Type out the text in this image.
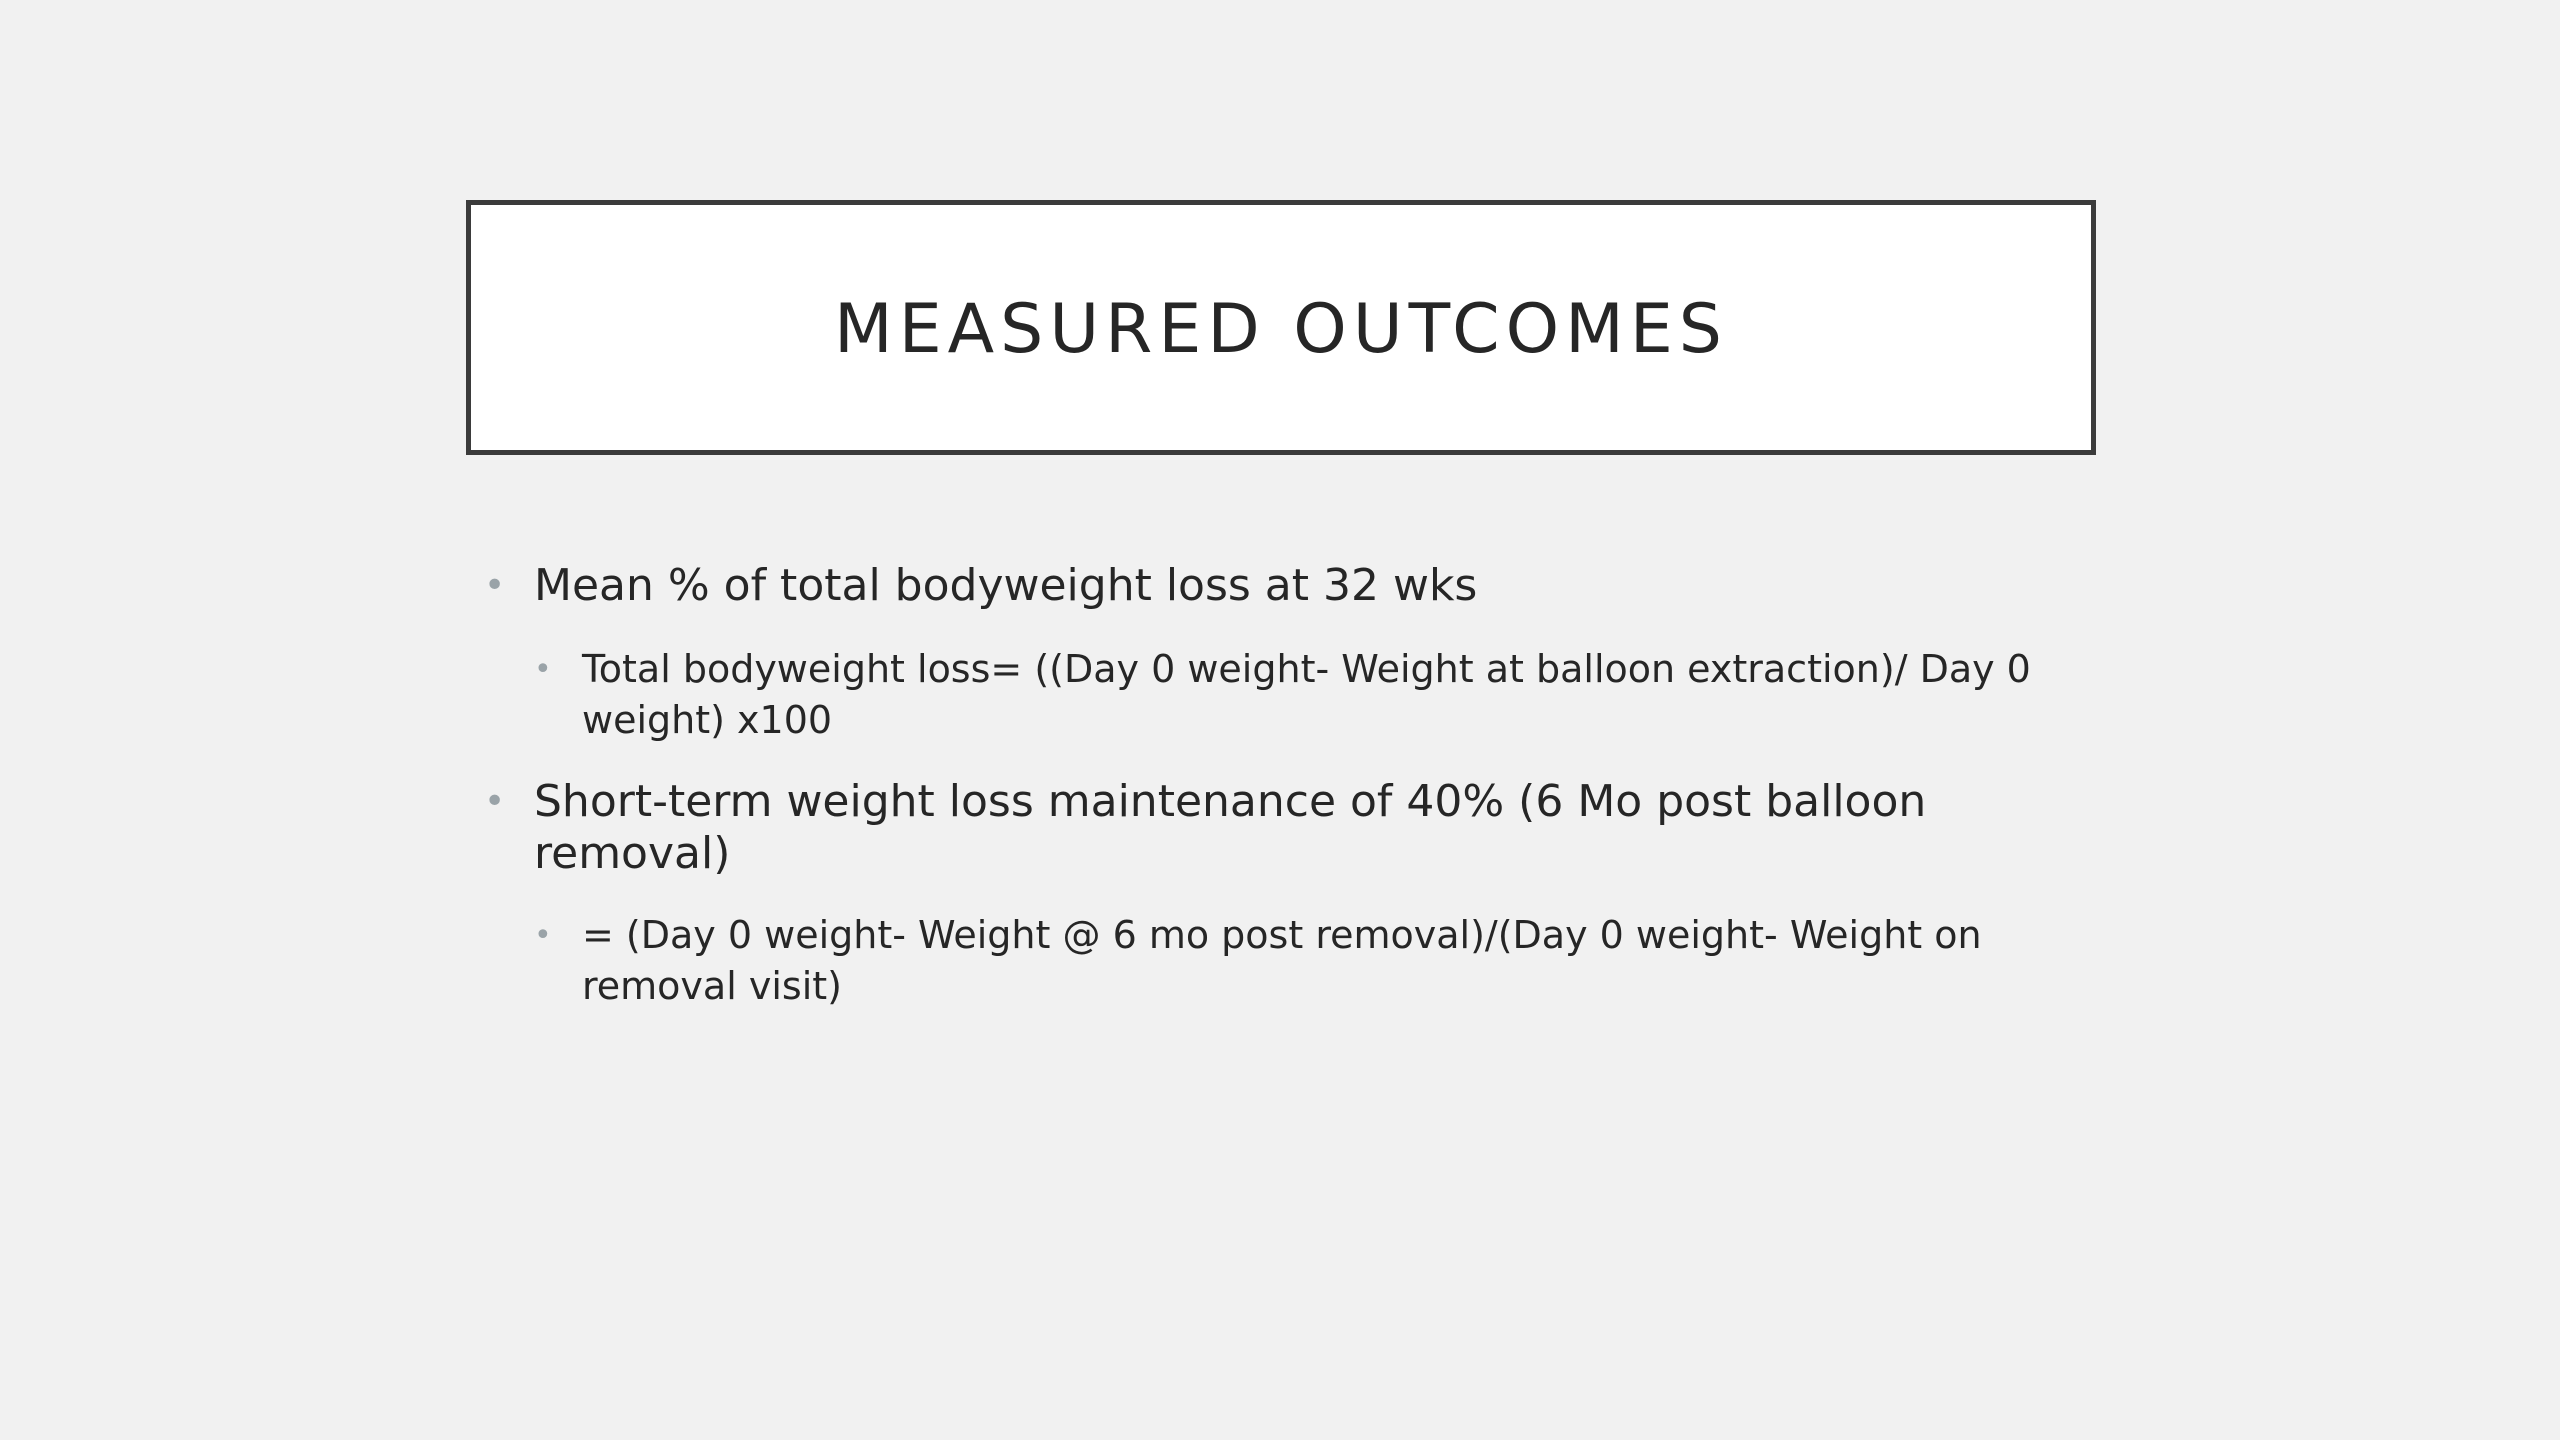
MEASURED OUTCOMES

• Mean % of total bodyweight loss at 32 wks

• Total bodyweight loss= ((Day 0 weight- Weight at balloon extraction)/ Day 0 weight) x100

• Short-term weight loss maintenance of 40% (6 Mo post balloon removal)

• = (Day 0 weight- Weight @ 6 mo post removal)/(Day 0 weight- Weight on removal visit)
